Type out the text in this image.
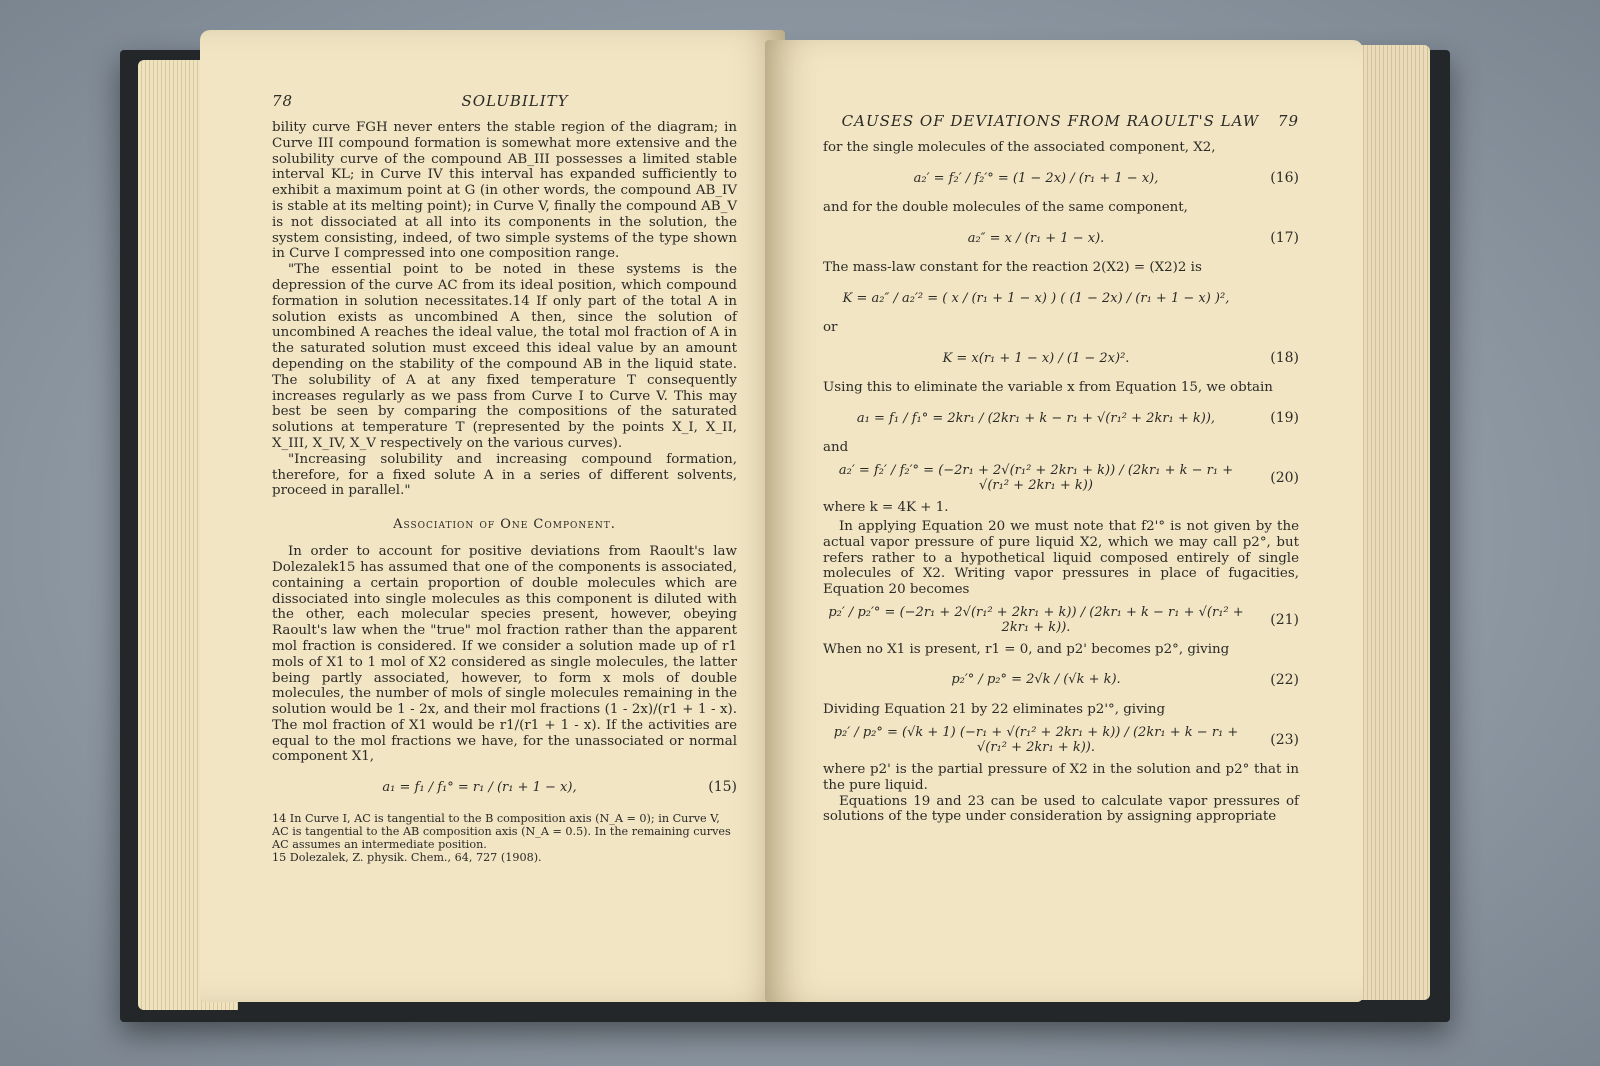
78	SOLUBILITY

bility curve FGH never enters the stable region of the diagram; in Curve III compound formation is somewhat more extensive and the solubility curve of the compound AB_III possesses a limited stable interval KL; in Curve IV this interval has expanded sufficiently to exhibit a maximum point at G (in other words, the compound AB_IV is stable at its melting point); in Curve V, finally the compound AB_V is not dissociated at all into its components in the solution, the system consisting, indeed, of two simple systems of the type shown in Curve I compressed into one composition range.

"The essential point to be noted in these systems is the depression of the curve AC from its ideal position, which compound formation in solution necessitates.14 If only part of the total A in solution exists as uncombined A then, since the solution of uncombined A reaches the ideal value, the total mol fraction of A in the saturated solution must exceed this ideal value by an amount depending on the stability of the compound AB in the liquid state. The solubility of A at any fixed temperature T consequently increases regularly as we pass from Curve I to Curve V. This may best be seen by comparing the compositions of the saturated solutions at temperature T (represented by the points X_I, X_II, X_III, X_IV, X_V respectively on the various curves).

"Increasing solubility and increasing compound formation, therefore, for a fixed solute A in a series of different solvents, proceed in parallel."

Association of One Component.

In order to account for positive deviations from Raoult's law Dolezalek15 has assumed that one of the components is associated, containing a certain proportion of double molecules which are dissociated into single molecules as this component is diluted with the other, each molecular species present, however, obeying Raoult's law when the "true" mol fraction rather than the apparent mol fraction is considered. If we consider a solution made up of r1 mols of X1 to 1 mol of X2 considered as single molecules, the latter being partly associated, however, to form x mols of double molecules, the number of mols of single molecules remaining in the solution would be 1 - 2x, and their mol fractions (1 - 2x)/(r1 + 1 - x). The mol fraction of X1 would be r1/(r1 + 1 - x). If the activities are equal to the mol fractions we have, for the unassociated or normal component X1,

a₁ = f₁ / f₁° = r₁ / (r₁ + 1 − x),	(15)

14 In Curve I, AC is tangential to the B composition axis (N_A = 0); in Curve V, AC is tangential to the AB composition axis (N_A = 0.5). In the remaining curves AC assumes an intermediate position.

15 Dolezalek, Z. physik. Chem., 64, 727 (1908).

CAUSES OF DEVIATIONS FROM RAOULT'S LAW	79
for the single molecules of the associated component, X2,
a₂′ = f₂′ / f₂′° = (1 − 2x) / (r₁ + 1 − x),	(16)
and for the double molecules of the same component,
a₂″ = x / (r₁ + 1 − x).	(17)
The mass-law constant for the reaction 2(X2) = (X2)2 is
K = a₂″ / a₂′² = ( x / (r₁ + 1 − x) ) ( (1 − 2x) / (r₁ + 1 − x) )²,
or
K = x(r₁ + 1 − x) / (1 − 2x)².	(18)
Using this to eliminate the variable x from Equation 15, we obtain
a₁ = f₁ / f₁° = 2kr₁ / (2kr₁ + k − r₁ + √(r₁² + 2kr₁ + k)),	(19)
and
a₂′ = f₂′ / f₂′° = (−2r₁ + 2√(r₁² + 2kr₁ + k)) / (2kr₁ + k − r₁ + √(r₁² + 2kr₁ + k))	(20)
where k = 4K + 1.

In applying Equation 20 we must note that f2'° is not given by the actual vapor pressure of pure liquid X2, which we may call p2°, but refers rather to a hypothetical liquid composed entirely of single molecules of X2. Writing vapor pressures in place of fugacities, Equation 20 becomes

p₂′ / p₂′° = (−2r₁ + 2√(r₁² + 2kr₁ + k)) / (2kr₁ + k − r₁ + √(r₁² + 2kr₁ + k)).	(21)
When no X1 is present, r1 = 0, and p2' becomes p2°, giving
p₂′° / p₂° = 2√k / (√k + k).	(22)
Dividing Equation 21 by 22 eliminates p2'°, giving
p₂′ / p₂° = (√k + 1) (−r₁ + √(r₁² + 2kr₁ + k)) / (2kr₁ + k − r₁ + √(r₁² + 2kr₁ + k)).	(23)

where p2' is the partial pressure of X2 in the solution and p2° that in the pure liquid.

Equations 19 and 23 can be used to calculate vapor pressures of solutions of the type under consideration by assigning appropriate
